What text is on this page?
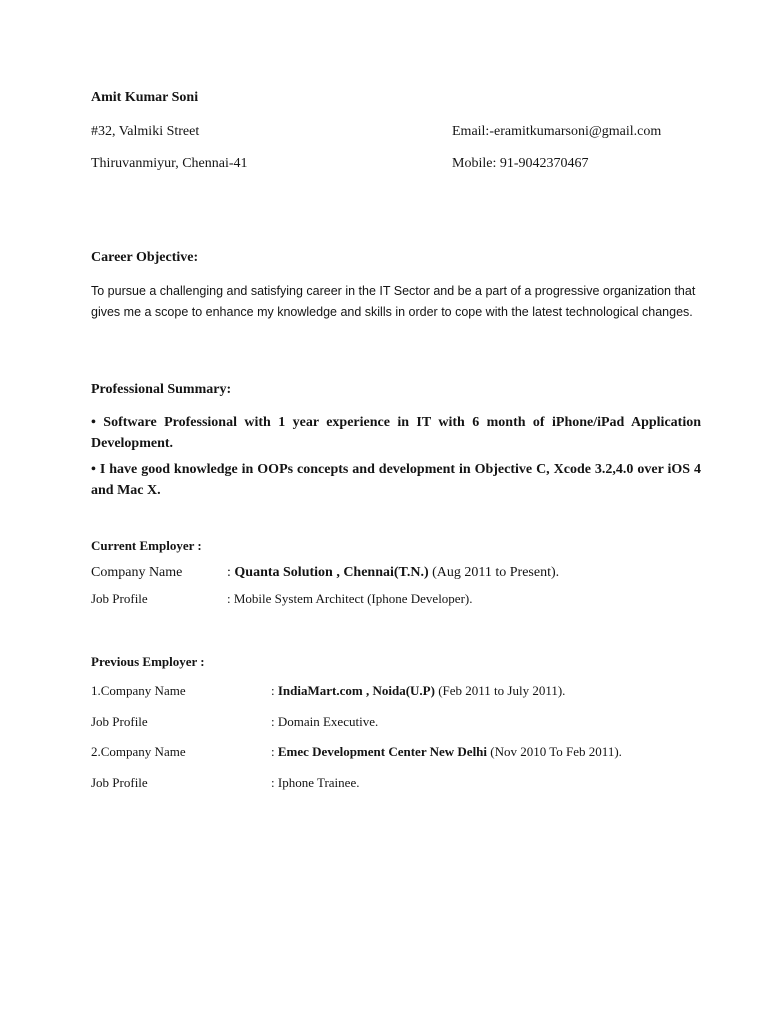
Amit Kumar Soni
#32, Valmiki Street
Thiruvanmiyur, Chennai-41
Email:-eramitkumarsoni@gmail.com
Mobile: 91-9042370467
Career Objective:
To pursue a challenging and satisfying career in the IT Sector and be a part of a progressive organization that gives me a scope to enhance my knowledge and skills in order to cope with the latest technological changes.
Professional Summary:
• Software Professional with 1 year experience in IT with 6 month of iPhone/iPad Application Development.
• I have good knowledge in OOPs concepts and development in Objective C, Xcode 3.2,4.0 over iOS 4 and Mac X.
Current Employer :
Company Name	: Quanta Solution , Chennai(T.N.) (Aug 2011 to Present).
Job Profile	: Mobile System Architect (Iphone Developer).
Previous Employer :
1.Company Name	: IndiaMart.com , Noida(U.P) (Feb 2011 to July 2011).
Job Profile	: Domain Executive.
2.Company Name	: Emec Development Center New Delhi (Nov 2010 To Feb 2011).
Job Profile	: Iphone Trainee.
